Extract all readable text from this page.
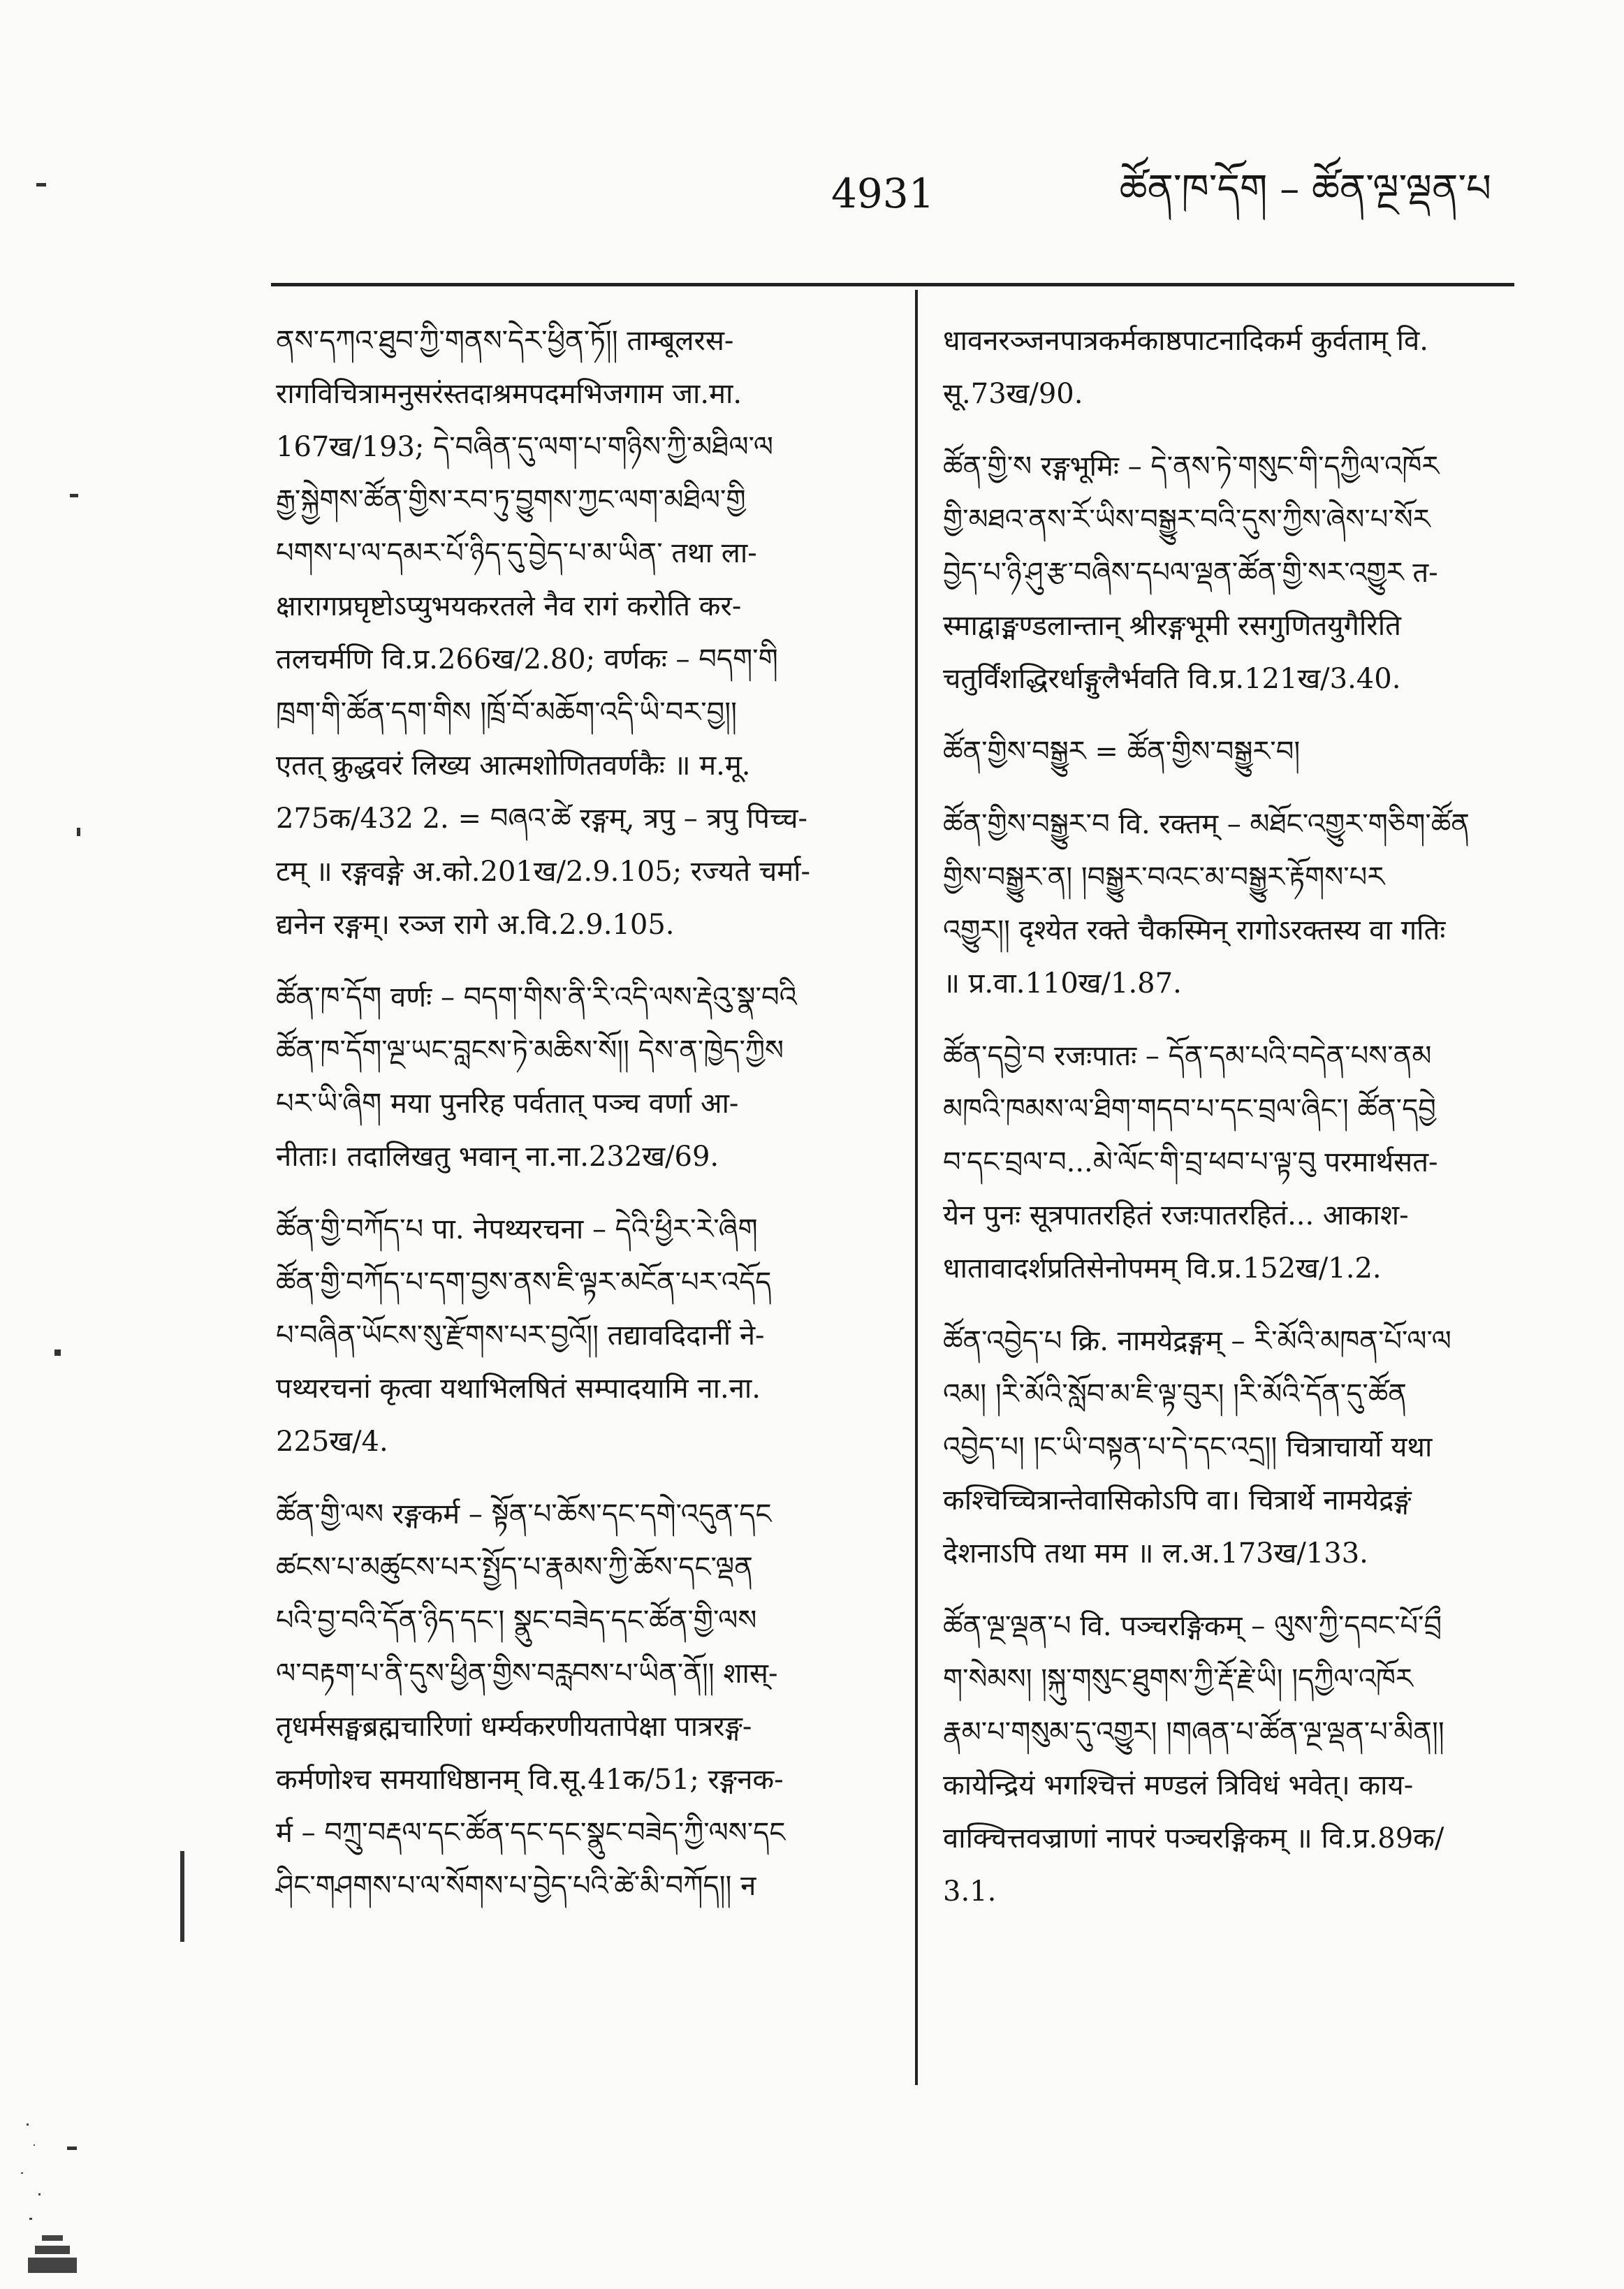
4931	ཚོན་ཁ་དོག – ཚོན་ལྔ་ལྡན་པ
ནས་དཀའ་ཐུབ་ཀྱི་གནས་དེར་ཕྱིན་ཏོ།། ताम्बूलरस-
रागविचित्रामनुसरंस्तदाश्रमपदमभिजगाम जा.मा.
167ख/193; དེ་བཞིན་དུ་ལག་པ་གཉིས་ཀྱི་མཐིལ་ལ
རྒྱ་སྐྱེགས་ཚོན་གྱིས་རབ་ཏུ་བྱུགས་ཀྱང་ལག་མཐིལ་གྱི
པགས་པ་ལ་དམར་པོ་ཉིད་དུ་བྱེད་པ་མ་ཡིན་ तथा ला-
क्षारागप्रघृष्टोऽप्युभयकरतले नैव रागं करोति कर-
तलचर्मणि वि.प्र.266ख/2.80; वर्णकः – བདག་གི
ཁྲག་གི་ཚོན་དག་གིས །ཁྲོ་བོ་མཆོག་འདི་ཡི་བར་བྱ།།
एतत् क्रुद्धवरं लिख्य आत्मशोणितवर्णकैः ॥ म.मू.
275क/432 2. = བཞའ་ཚེ रङ्गम्, त्रपु – त्रपु पिच्च-
टम् ॥ रङ्गवङ्गे अ.को.201ख/2.9.105; रज्यते चर्मा-
द्यनेन रङ्गम्। रञ्ज रागे अ.वि.2.9.105.
ཚོན་ཁ་དོག वर्णः – བདག་གིས་ནི་རི་འདི་ལས་རྡེའུ་སྣ་བའི
ཚོན་ཁ་དོག་ལྔ་ཡང་བླངས་ཏེ་མཆིས་སོ།། དེས་ན་ཁྱེད་ཀྱིས
པར་ཡི་ཞིག मया पुनरिह पर्वतात् पञ्च वर्णा आ-
नीताः। तदालिखतु भवान् ना.ना.232ख/69.
ཚོན་གྱི་བཀོད་པ पा. नेपथ्यरचना – དེའི་ཕྱིར་རེ་ཞིག
ཚོན་གྱི་བཀོད་པ་དག་བྱས་ནས་ཇི་ལྟར་མངོན་པར་འདོད
པ་བཞིན་ཡོངས་སུ་རྫོགས་པར་བྱའོ།། तद्यावदिदानीं ने-
पथ्यरचनां कृत्वा यथाभिलषितं सम्पादयामि ना.ना.
225ख/4.
ཚོན་གྱི་ལས रङ्गकर्म – སྟོན་པ་ཆོས་དང་དགེ་འདུན་དང
ཚངས་པ་མཚུངས་པར་སྤྱོད་པ་རྣམས་ཀྱི་ཆོས་དང་ལྡན
པའི་བྱ་བའི་དོན་ཉིད་དང་། སྣུང་བཟེད་དང་ཚོན་གྱི་ལས
ལ་བརྟག་པ་ནི་དུས་ཕྱིན་གྱིས་བརླབས་པ་ཡིན་ནོ།། शास्-
तृधर्मसङ्घब्रह्मचारिणां धर्म्यकरणीयतापेक्षा पात्ररङ्ग-
कर्मणोश्च समयाधिष्ठानम् वि.सू.41क/51; रङ्गनक-
र्म – བཀྲུ་བརྡལ་དང་ཚོན་དང་དང་སྣུང་བཟེད་ཀྱི་ལས་དང
ཤིང་གཤགས་པ་ལ་སོགས་པ་བྱེད་པའི་ཚེ་མི་བཀོད།། न
धावनरञ्जनपात्रकर्मकाष्ठपाटनादिकर्म कुर्वताम् वि.
सू.73ख/90.
ཚོན་གྱི་ས रङ्गभूमिः – དེ་ནས་ཏེ་གསུང་གི་དཀྱིལ་འཁོར
གྱི་མཐའ་ནས་རོ་ཡིས་བསྒྱུར་བའི་དུས་ཀྱིས་ཞེས་པ་སོར
བྱེད་པ་ཉི་ཤུ་རྩ་བཞིས་དཔལ་ལྡན་ཚོན་གྱི་སར་འགྱུར त-
स्माद्वाङ्मण्डलान्तान् श्रीरङ्गभूमी रसगुणितयुगैरिति
चतुर्विंशद्धिरर्धाङ्गुलैर्भवति वि.प्र.121ख/3.40.
ཚོན་གྱིས་བསྒྱུར = ཚོན་གྱིས་བསྒྱུར་བ།
ཚོན་གྱིས་བསྒྱུར་བ वि. रक्तम् – མཐོང་འགྱུར་གཅིག་ཚོན
གྱིས་བསྒྱུར་ན། །བསྒྱུར་བའང་མ་བསྒྱུར་རྟོགས་པར
འགྱུར།། दृश्येत रक्ते चैकस्मिन् रागोऽरक्तस्य वा गतिः
॥ प्र.वा.110ख/1.87.
ཚོན་དབྱེ་བ रजःपातः – དོན་དམ་པའི་བདེན་པས་ནམ
མཁའི་ཁམས་ལ་ཐིག་གདབ་པ་དང་བྲལ་ཞིང་། ཚོན་དབྱེ
བ་དང་བྲལ་བ...མེ་ལོང་གི་བྲ་ཕབ་པ་ལྟ་བུ परमार्थसत-
येन पुनः सूत्रपातरहितं रजःपातरहितं... आकाश-
धातावादर्शप्रतिसेनोपमम् वि.प्र.152ख/1.2.
ཚོན་འབྱེད་པ क्रि. नामयेद्रङ्गम् – རི་མོའི་མཁན་པོ་ལ་ལ
འམ། །རི་མོའི་སློབ་མ་ཇི་ལྟ་བུར། །རི་མོའི་དོན་དུ་ཚོན
འབྱེད་པ། །ང་ཡི་བསྟན་པ་དེ་དང་འདྲ།། चित्राचार्यो यथा
कश्चिच्चित्रान्तेवासिकोऽपि वा। चित्रार्थे नामयेद्रङ्गं
देशनाऽपि तथा मम ॥ ल.अ.173ख/133.
ཚོན་ལྔ་ལྡན་པ वि. पञ्चरङ्गिकम् – ལུས་ཀྱི་དབང་པོ་བྲྀ
ག་སེམས། །སྐུ་གསུང་ཐུགས་ཀྱི་རྡོ་རྗེ་ཡི། །དཀྱིལ་འཁོར
རྣམ་པ་གསུམ་དུ་འགྱུར། །གཞན་པ་ཚོན་ལྔ་ལྡན་པ་མིན།།
कायेन्द्रियं भगश्चित्तं मण्डलं त्रिविधं भवेत्। काय-
वाक्चित्तवज्राणां नापरं पञ्चरङ्गिकम् ॥ वि.प्र.89क/
3.1.
